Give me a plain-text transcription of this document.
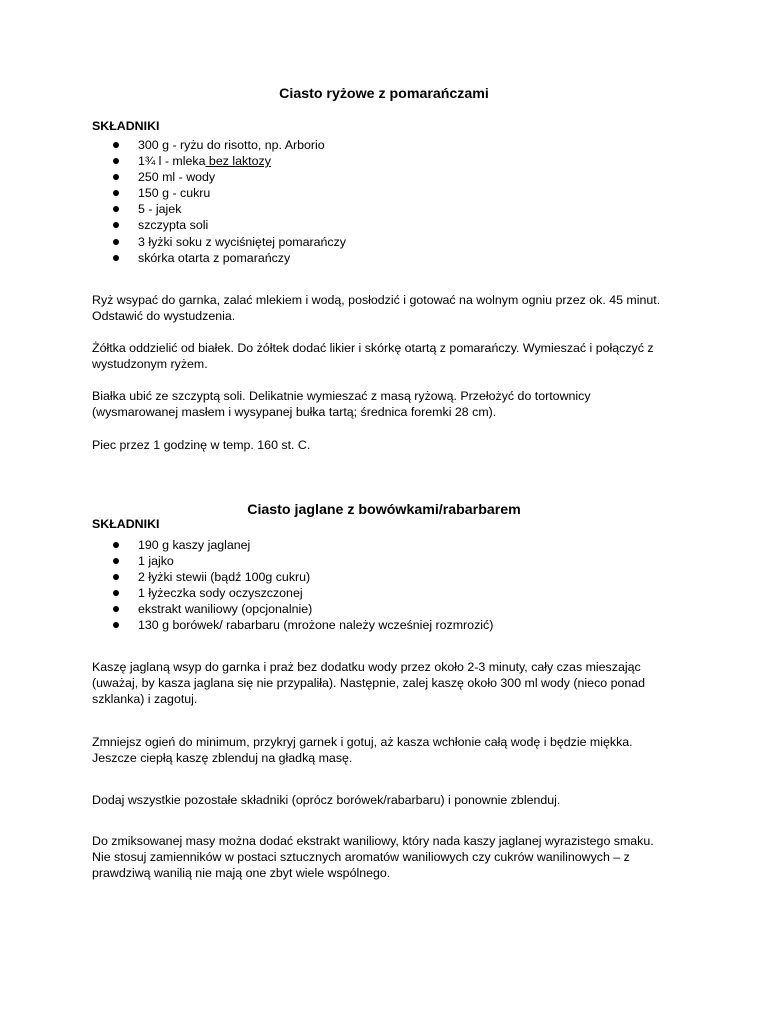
Ciasto ryżowe z pomarańczami
SKŁADNIKI
300 g - ryżu do risotto, np. Arborio
1¾ l - mleka bez laktozy
250 ml - wody
150 g - cukru
5 - jajek
szczypta soli
3 łyżki soku z wyciśniętej pomarańczy
skórka otarta z pomarańczy

Ryż wsypać do garnka, zalać mlekiem i wodą, posłodzić i gotować na wolnym ogniu przez ok. 45 minut.
Odstawić do wystudzenia.

Żółtka oddzielić od białek. Do żółtek dodać likier i skórkę otartą z pomarańczy. Wymieszać i połączyć z
wystudzonym ryżem.

Białka ubić ze szczyptą soli. Delikatnie wymieszać z masą ryżową. Przełożyć do tortownicy
(wysmarowanej masłem i wysypanej bułka tartą; średnica foremki 28 cm).

Piec przez 1 godzinę w temp. 160 st. C.

Ciasto jaglane z bowówkami/rabarbarem
SKŁADNIKI
190 g kaszy jaglanej
1 jajko
2 łyżki stewii (bądź 100g cukru)
1 łyżeczka sody oczyszczonej
ekstrakt waniliowy (opcjonalnie)
130 g borówek/ rabarbaru (mrożone należy wcześniej rozmrozić)

Kaszę jaglaną wsyp do garnka i praż bez dodatku wody przez około 2-3 minuty, cały czas mieszając
(uważaj, by kasza jaglana się nie przypaliła). Następnie, zalej kaszę około 300 ml wody (nieco ponad
szklanka) i zagotuj.

Zmniejsz ogień do minimum, przykryj garnek i gotuj, aż kasza wchłonie całą wodę i będzie miękka.
Jeszcze ciepłą kaszę zblenduj na gładką masę.

Dodaj wszystkie pozostałe składniki (oprócz borówek/rabarbaru) i ponownie zblenduj.

Do zmiksowanej masy można dodać ekstrakt waniliowy, który nada kaszy jaglanej wyrazistego smaku.
Nie stosuj zamienników w postaci sztucznych aromatów waniliowych czy cukrów wanilinowych – z
prawdziwą wanilią nie mają one zbyt wiele wspólnego.
